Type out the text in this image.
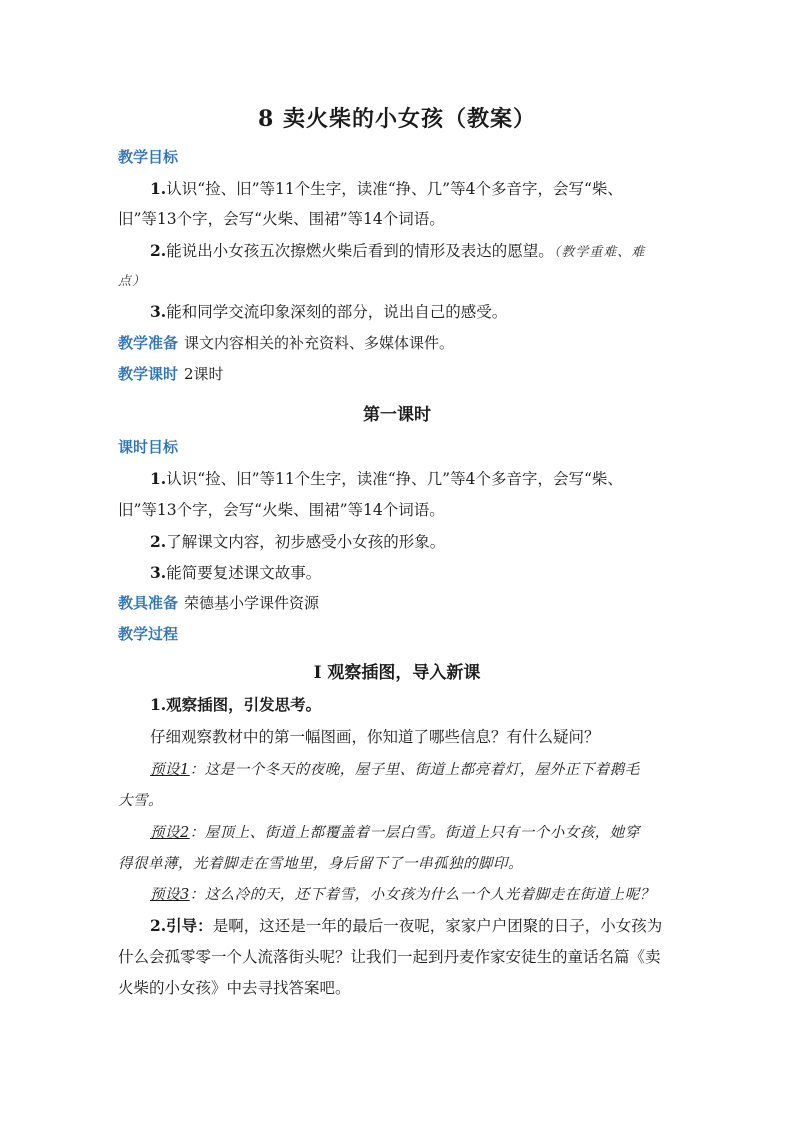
8 卖火柴的小女孩（教案）
教学目标
1.认识“捡、旧”等11个生字，读准“挣、几”等4个多音字，会写“柴、
旧”等13个字，会写“火柴、围裙”等14个词语。
2.能说出小女孩五次擦燃火柴后看到的情形及表达的愿望。（教学重难、难
点）
3.能和同学交流印象深刻的部分，说出自己的感受。
教学准备 课文内容相关的补充资料、多媒体课件。
教学课时 2课时
第一课时
课时目标
1.认识“捡、旧”等11个生字，读准“挣、几”等4个多音字，会写“柴、
旧”等13个字，会写“火柴、围裙”等14个词语。
2.了解课文内容，初步感受小女孩的形象。
3.能简要复述课文故事。
教具准备 荣德基小学课件资源
教学过程
Ⅰ 观察插图，导入新课
1.观察插图，引发思考。
仔细观察教材中的第一幅图画，你知道了哪些信息？有什么疑问？
预设1：这是一个冬天的夜晚，屋子里、街道上都亮着灯，屋外正下着鹅毛
大雪。
预设2：屋顶上、街道上都覆盖着一层白雪。街道上只有一个小女孩，她穿
得很单薄，光着脚走在雪地里，身后留下了一串孤独的脚印。
预设3：这么冷的天，还下着雪，小女孩为什么一个人光着脚走在街道上呢？
2.引导：是啊，这还是一年的最后一夜呢，家家户户团聚的日子，小女孩为
什么会孤零零一个人流落街头呢？让我们一起到丹麦作家安徒生的童话名篇《卖
火柴的小女孩》中去寻找答案吧。
